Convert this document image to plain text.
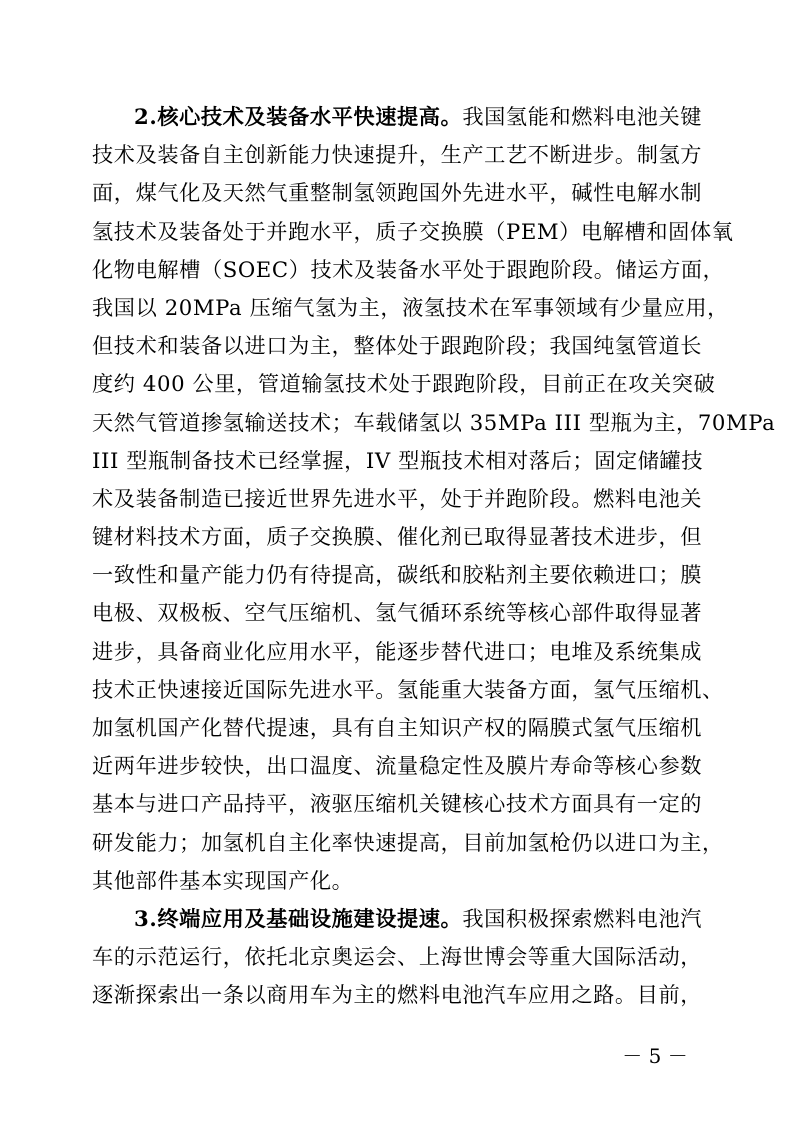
2.核心技术及装备水平快速提高。我国氢能和燃料电池关键
技术及装备自主创新能力快速提升，生产工艺不断进步。制氢方
面，煤气化及天然气重整制氢领跑国外先进水平，碱性电解水制
氢技术及装备处于并跑水平，质子交换膜（PEM）电解槽和固体氧
化物电解槽（SOEC）技术及装备水平处于跟跑阶段。储运方面，
我国以 20MPa 压缩气氢为主，液氢技术在军事领域有少量应用，
但技术和装备以进口为主，整体处于跟跑阶段；我国纯氢管道长
度约 400 公里，管道输氢技术处于跟跑阶段，目前正在攻关突破
天然气管道掺氢输送技术；车载储氢以 35MPa III 型瓶为主，70MPa
III 型瓶制备技术已经掌握，IV 型瓶技术相对落后；固定储罐技
术及装备制造已接近世界先进水平，处于并跑阶段。燃料电池关
键材料技术方面，质子交换膜、催化剂已取得显著技术进步，但
一致性和量产能力仍有待提高，碳纸和胶粘剂主要依赖进口；膜
电极、双极板、空气压缩机、氢气循环系统等核心部件取得显著
进步，具备商业化应用水平，能逐步替代进口；电堆及系统集成
技术正快速接近国际先进水平。氢能重大装备方面，氢气压缩机、
加氢机国产化替代提速，具有自主知识产权的隔膜式氢气压缩机
近两年进步较快，出口温度、流量稳定性及膜片寿命等核心参数
基本与进口产品持平，液驱压缩机关键核心技术方面具有一定的
研发能力；加氢机自主化率快速提高，目前加氢枪仍以进口为主，
其他部件基本实现国产化。
3.终端应用及基础设施建设提速。我国积极探索燃料电池汽
车的示范运行，依托北京奥运会、上海世博会等重大国际活动，
逐渐探索出一条以商用车为主的燃料电池汽车应用之路。目前，
－ 5 －
